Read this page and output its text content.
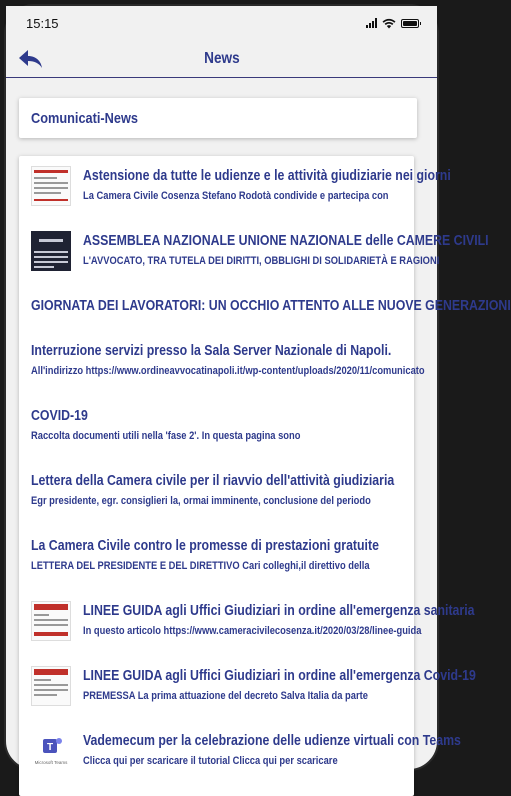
15:15
News
Comunicati-News
Astensione da tutte le udienze e le attività giudiziarie nei giorni
La Camera Civile Cosenza Stefano Rodotà condivide e partecipa con
ASSEMBLEA NAZIONALE UNIONE NAZIONALE delle CAMERE CIVILI
L'AVVOCATO, TRA TUTELA DEI DIRITTI, OBBLIGHI DI SOLIDARIETÀ E RAGIONI
GIORNATA DEI LAVORATORI: UN OCCHIO ATTENTO ALLE NUOVE GENERAZIONI
Interruzione servizi presso la Sala Server Nazionale di Napoli.
All'indirizzo https://www.ordineavvocatinapoli.it/wp-content/uploads/2020/11/comunicato
COVID-19
Raccolta documenti utili nella 'fase 2'. In questa pagina sono
Lettera della Camera civile per il riavvio dell'attività giudiziaria
Egr presidente, egr. consiglieri la, ormai imminente, conclusione del periodo
La Camera Civile contro le promesse di prestazioni gratuite
LETTERA DEL PRESIDENTE E DEL DIRETTIVO Cari colleghi,il direttivo della
LINEE GUIDA agli Uffici Giudiziari in ordine all'emergenza sanitaria
In questo articolo https://www.cameracivilecosenza.it/2020/03/28/linee-guida
LINEE GUIDA agli Uffici Giudiziari in ordine all'emergenza Covid-19
PREMESSA La prima attuazione del decreto Salva Italia da parte
T
Microsoft Teams
Vademecum per la celebrazione delle udienze virtuali con Teams
Clicca qui per scaricare il tutorial Clicca qui per scaricare
